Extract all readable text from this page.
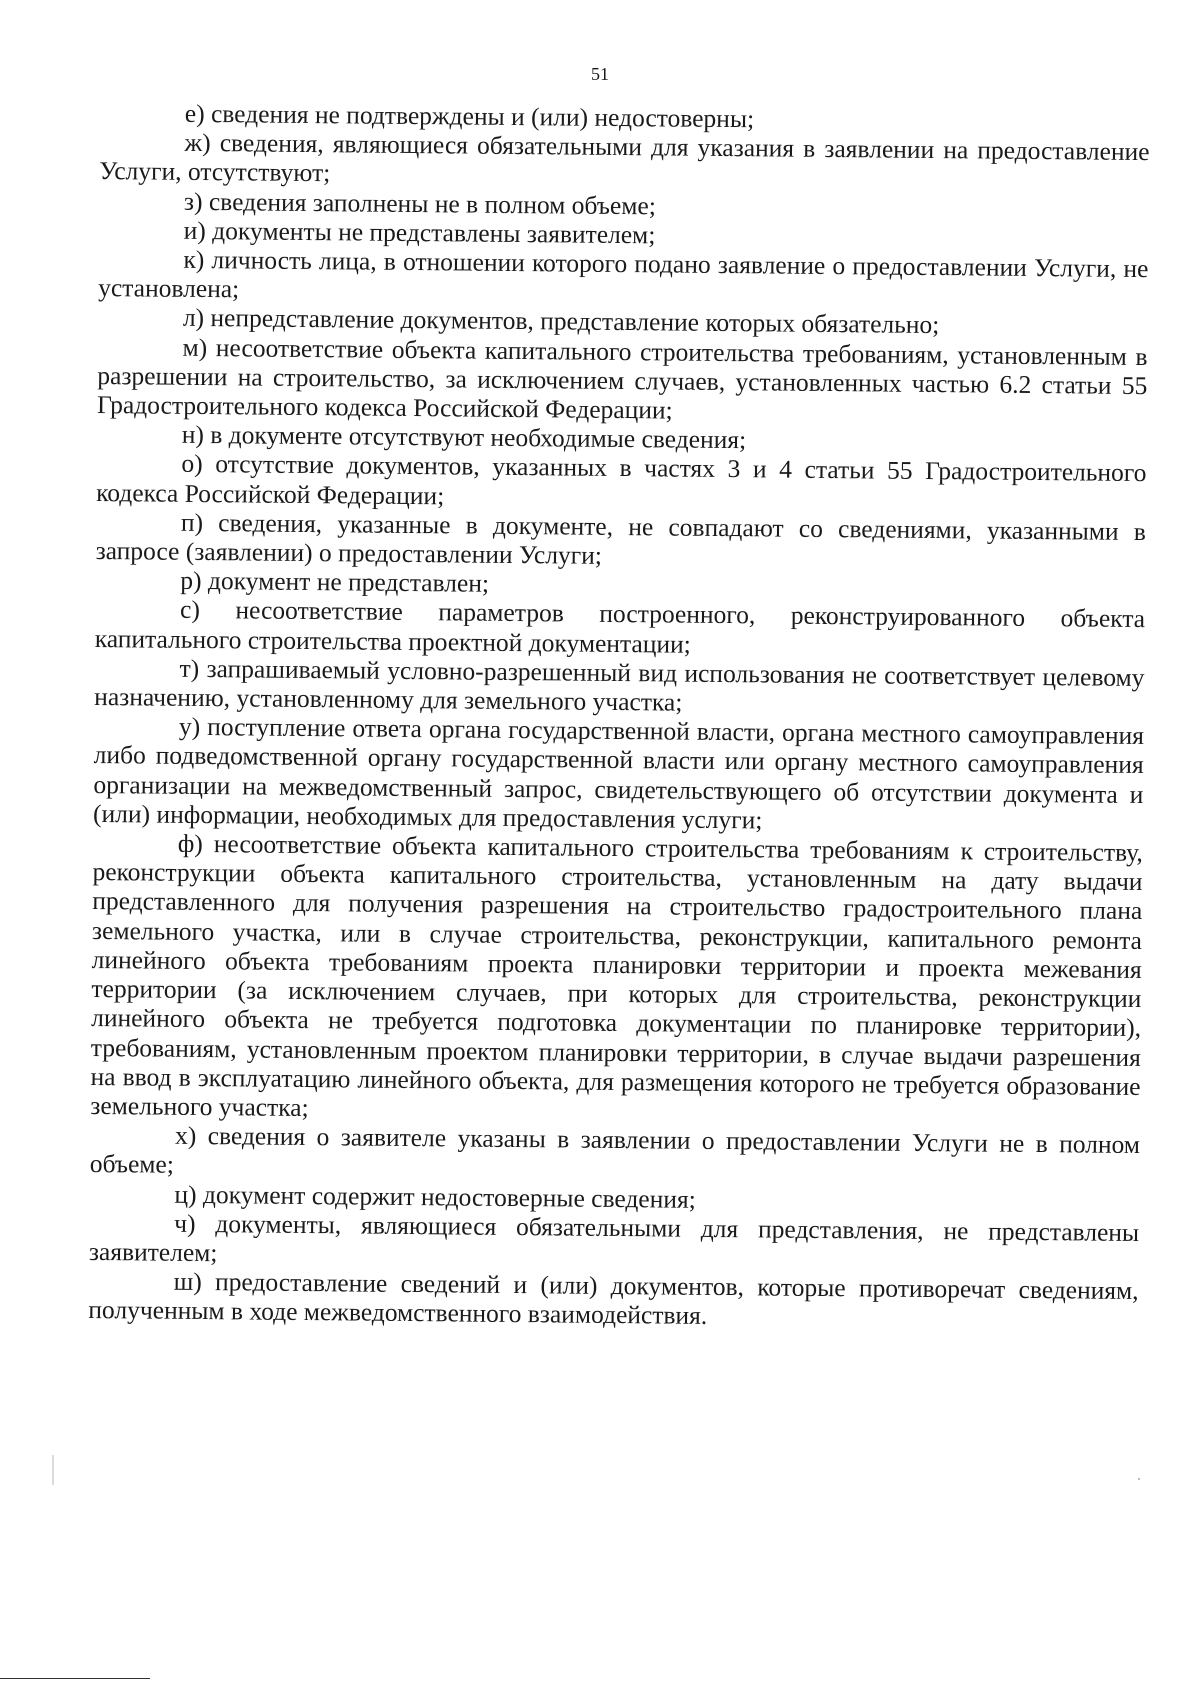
51

е) сведения не подтверждены и (или) недостоверны;

ж) сведения, являющиеся обязательными для указания в заявлении на предоставление Услуги, отсутствуют;

з) сведения заполнены не в полном объеме;

и) документы не представлены заявителем;

к) личность лица, в отношении которого подано заявление о предоставлении Услуги, не установлена;

л) непредставление документов, представление которых обязательно;

м) несоответствие объекта капитального строительства требованиям, установленным в разрешении на строительство, за исключением случаев, установленных частью 6.2 статьи 55 Градостроительного кодекса Российской Федерации;

н) в документе отсутствуют необходимые сведения;

о) отсутствие документов, указанных в частях 3 и 4 статьи 55 Градостроительного кодекса Российской Федерации;

п) сведения, указанные в документе, не совпадают со сведениями, указанными в запросе (заявлении) о предоставлении Услуги;

р) документ не представлен;

с) несоответствие параметров построенного, реконструированного объекта капитального строительства проектной документации;

т) запрашиваемый условно-разрешенный вид использования не соответствует целевому назначению, установленному для земельного участка;

у) поступление ответа органа государственной власти, органа местного самоуправления либо подведомственной органу государственной власти или органу местного самоуправления организации на межведомственный запрос, свидетельствующего об отсутствии документа и (или) информации, необходимых для предоставления услуги;

ф) несоответствие объекта капитального строительства требованиям к строительству, реконструкции объекта капитального строительства, установленным на дату выдачи представленного для получения разрешения на строительство градостроительного плана земельного участка, или в случае строительства, реконструкции, капитального ремонта линейного объекта требованиям проекта планировки территории и проекта межевания территории (за исключением случаев, при которых для строительства, реконструкции линейного объекта не требуется подготовка документации по планировке территории), требованиям, установленным проектом планировки территории, в случае выдачи разрешения на ввод в эксплуатацию линейного объекта, для размещения которого не требуется образование земельного участка;

х) сведения о заявителе указаны в заявлении о предоставлении Услуги не в полном объеме;

ц) документ содержит недостоверные сведения;

ч) документы, являющиеся обязательными для представления, не представлены заявителем;

ш) предоставление сведений и (или) документов, которые противоречат сведениям, полученным в ходе межведомственного взаимодействия.
